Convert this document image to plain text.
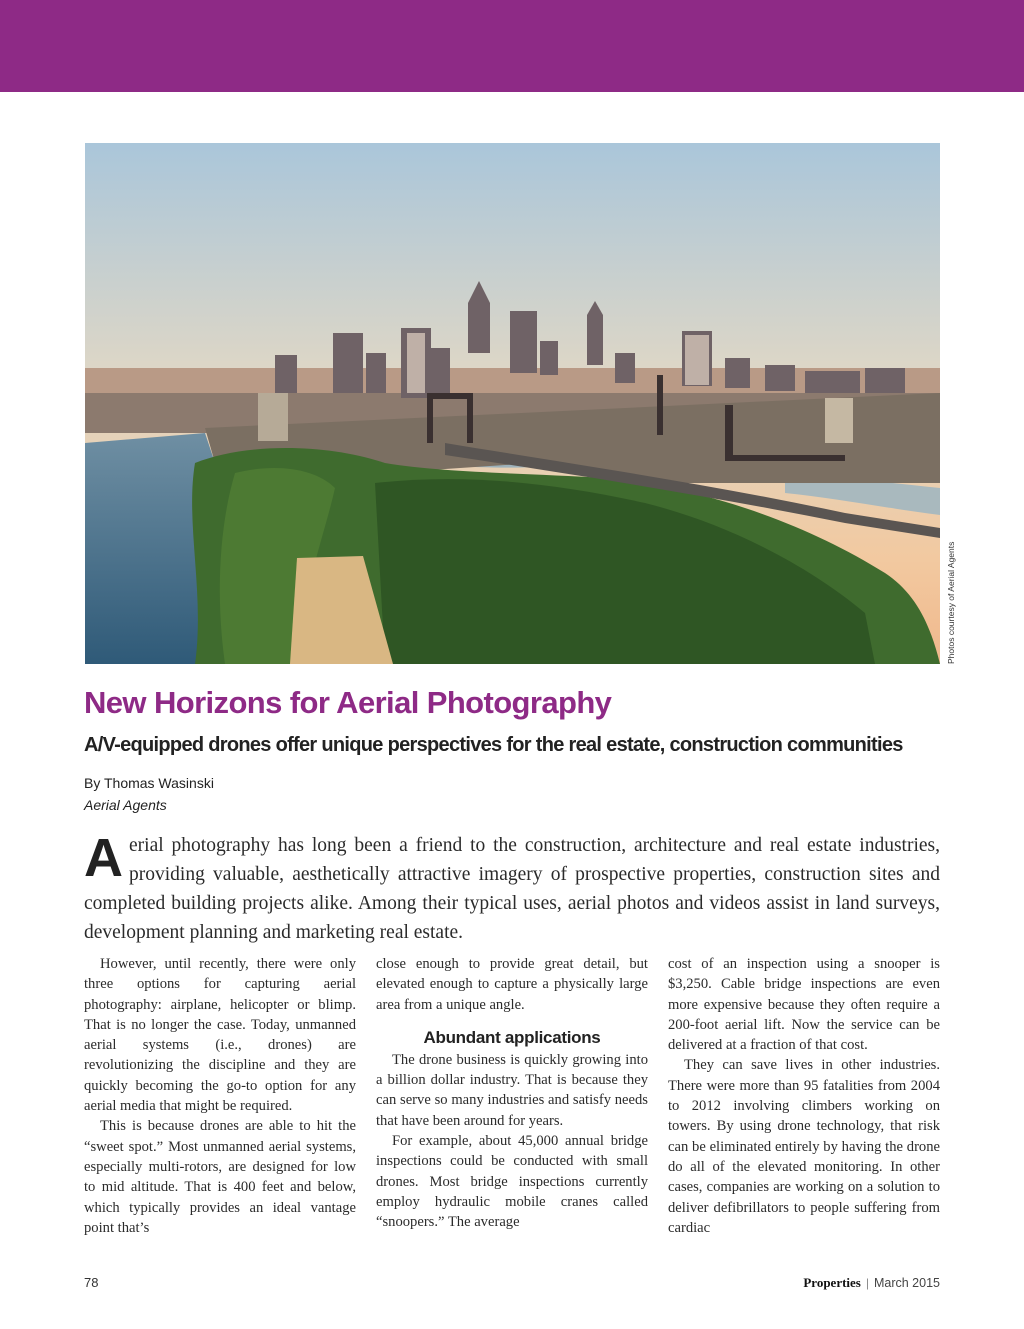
Photos courtesy of Aerial Agents
New Horizons for Aerial Photography
A/V-equipped drones offer unique perspectives for the real estate, construction communities
By Thomas Wasinski
Aerial Agents

Aerial photography has long been a friend to the construction, architecture and real estate industries, providing valuable, aesthetically attractive imagery of prospective properties, construction sites and completed building projects alike. Among their typical uses, aerial photos and videos assist in land surveys, development planning and marketing real estate.

However, until recently, there were only three options for capturing aerial photography: airplane, helicopter or blimp. That is no longer the case. Today, unmanned aerial systems (i.e., drones) are revolutionizing the discipline and they are quickly becoming the go-to option for any aerial media that might be required.

This is because drones are able to hit the “sweet spot.” Most unmanned aerial systems, especially multi-rotors, are designed for low to mid altitude. That is 400 feet and below, which typically provides an ideal vantage point that’s

close enough to provide great detail, but elevated enough to capture a physically large area from a unique angle.

Abundant applications

The drone business is quickly growing into a billion dollar industry. That is because they can serve so many industries and satisfy needs that have been around for years.

For example, about 45,000 annual bridge inspections could be conducted with small drones. Most bridge inspections currently employ hydraulic mobile cranes called “snoopers.” The average

cost of an inspection using a snooper is $3,250. Cable bridge inspections are even more expensive because they often require a 200-foot aerial lift. Now the service can be delivered at a fraction of that cost.

They can save lives in other industries. There were more than 95 fatalities from 2004 to 2012 involving climbers working on towers. By using drone technology, that risk can be eliminated entirely by having the drone do all of the elevated monitoring. In other cases, companies are working on a solution to deliver defibrillators to people suffering from cardiac

78	Properties | March 2015
